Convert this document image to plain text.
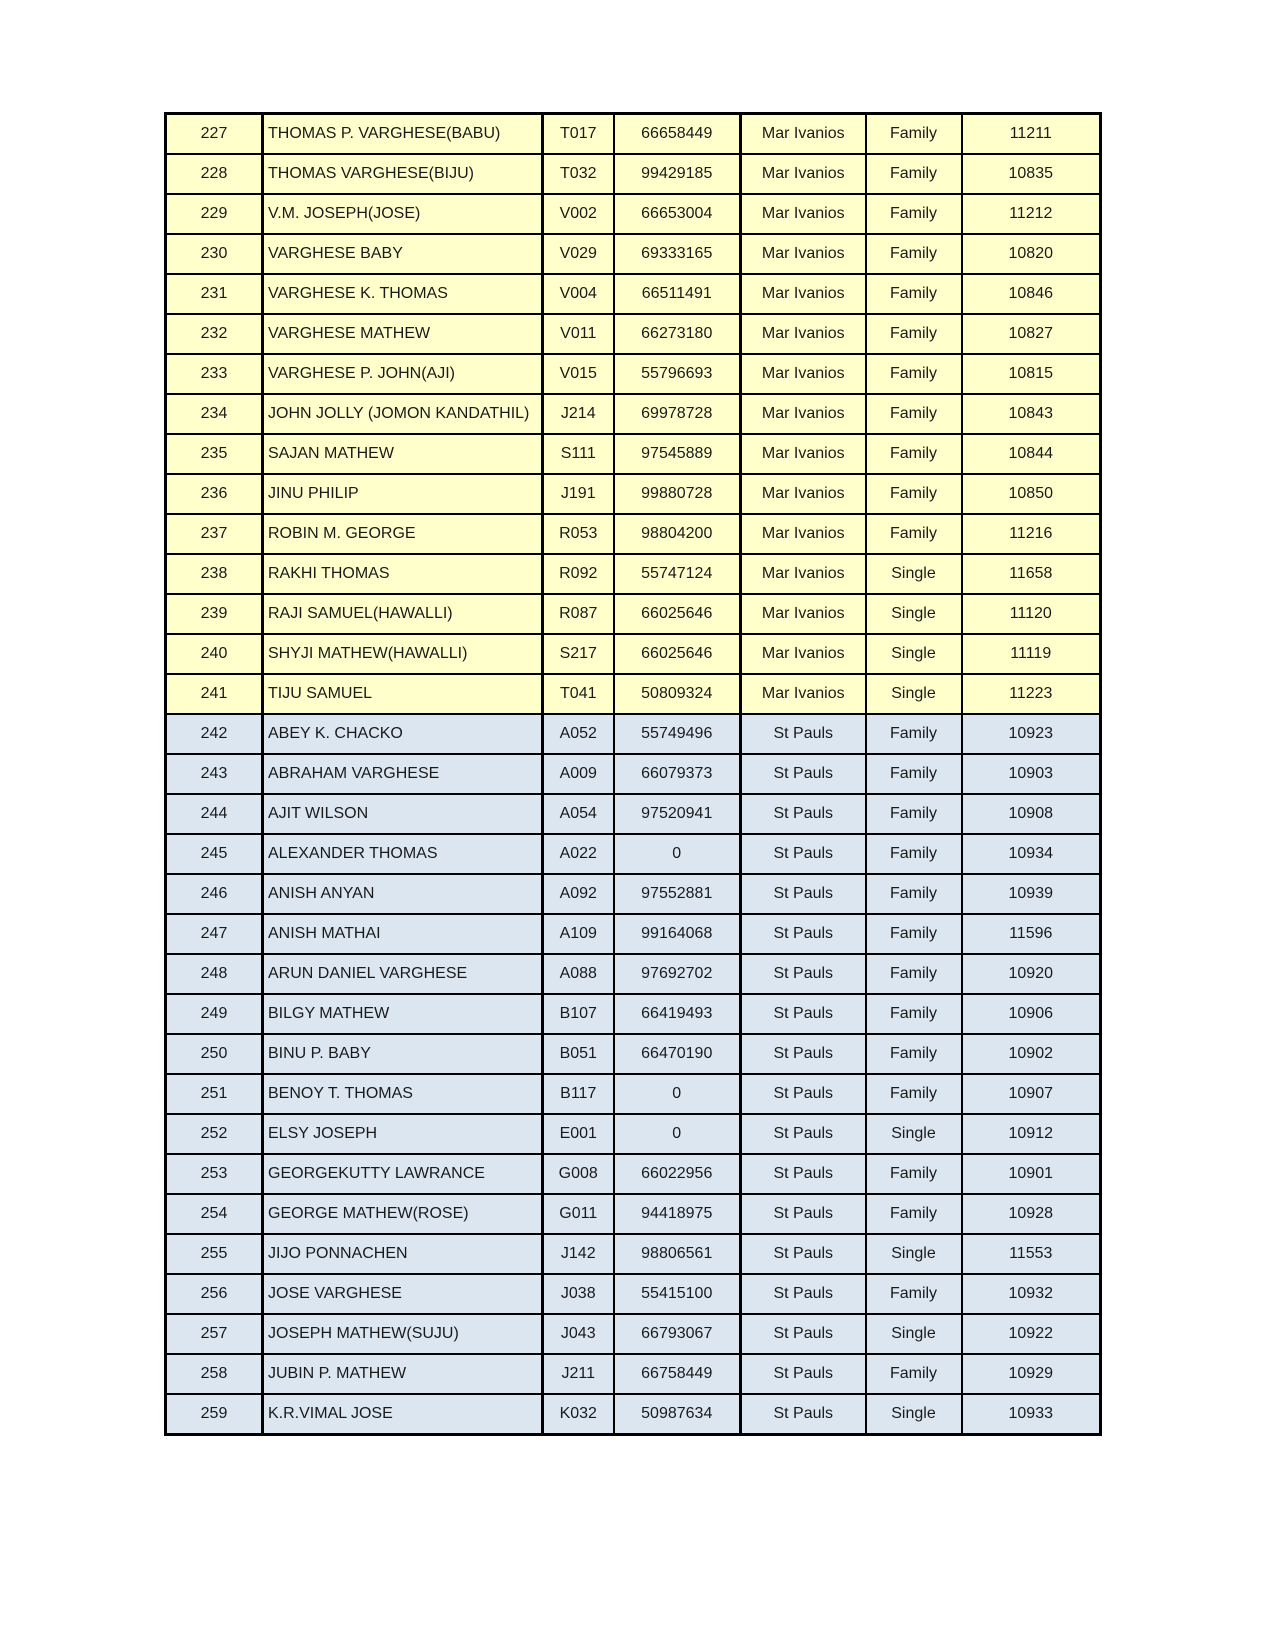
227	THOMAS P. VARGHESE(BABU)	T017	66658449	Mar Ivanios	Family	11211
228	THOMAS VARGHESE(BIJU)	T032	99429185	Mar Ivanios	Family	10835
229	V.M. JOSEPH(JOSE)	V002	66653004	Mar Ivanios	Family	11212
230	VARGHESE BABY	V029	69333165	Mar Ivanios	Family	10820
231	VARGHESE K. THOMAS	V004	66511491	Mar Ivanios	Family	10846
232	VARGHESE MATHEW	V011	66273180	Mar Ivanios	Family	10827
233	VARGHESE P. JOHN(AJI)	V015	55796693	Mar Ivanios	Family	10815
234	JOHN JOLLY (JOMON KANDATHIL)	J214	69978728	Mar Ivanios	Family	10843
235	SAJAN MATHEW	S111	97545889	Mar Ivanios	Family	10844
236	JINU PHILIP	J191	99880728	Mar Ivanios	Family	10850
237	ROBIN M. GEORGE	R053	98804200	Mar Ivanios	Family	11216
238	RAKHI THOMAS	R092	55747124	Mar Ivanios	Single	11658
239	RAJI SAMUEL(HAWALLI)	R087	66025646	Mar Ivanios	Single	11120
240	SHYJI MATHEW(HAWALLI)	S217	66025646	Mar Ivanios	Single	11119
241	TIJU SAMUEL	T041	50809324	Mar Ivanios	Single	11223
242	ABEY K. CHACKO	A052	55749496	St Pauls	Family	10923
243	ABRAHAM VARGHESE	A009	66079373	St Pauls	Family	10903
244	AJIT WILSON	A054	97520941	St Pauls	Family	10908
245	ALEXANDER THOMAS	A022	0	St Pauls	Family	10934
246	ANISH ANYAN	A092	97552881	St Pauls	Family	10939
247	ANISH MATHAI	A109	99164068	St Pauls	Family	11596
248	ARUN DANIEL VARGHESE	A088	97692702	St Pauls	Family	10920
249	BILGY MATHEW	B107	66419493	St Pauls	Family	10906
250	BINU P. BABY	B051	66470190	St Pauls	Family	10902
251	BENOY T. THOMAS	B117	0	St Pauls	Family	10907
252	ELSY JOSEPH	E001	0	St Pauls	Single	10912
253	GEORGEKUTTY LAWRANCE	G008	66022956	St Pauls	Family	10901
254	GEORGE MATHEW(ROSE)	G011	94418975	St Pauls	Family	10928
255	JIJO PONNACHEN	J142	98806561	St Pauls	Single	11553
256	JOSE VARGHESE	J038	55415100	St Pauls	Family	10932
257	JOSEPH MATHEW(SUJU)	J043	66793067	St Pauls	Single	10922
258	JUBIN P. MATHEW	J211	66758449	St Pauls	Family	10929
259	K.R.VIMAL JOSE	K032	50987634	St Pauls	Single	10933
